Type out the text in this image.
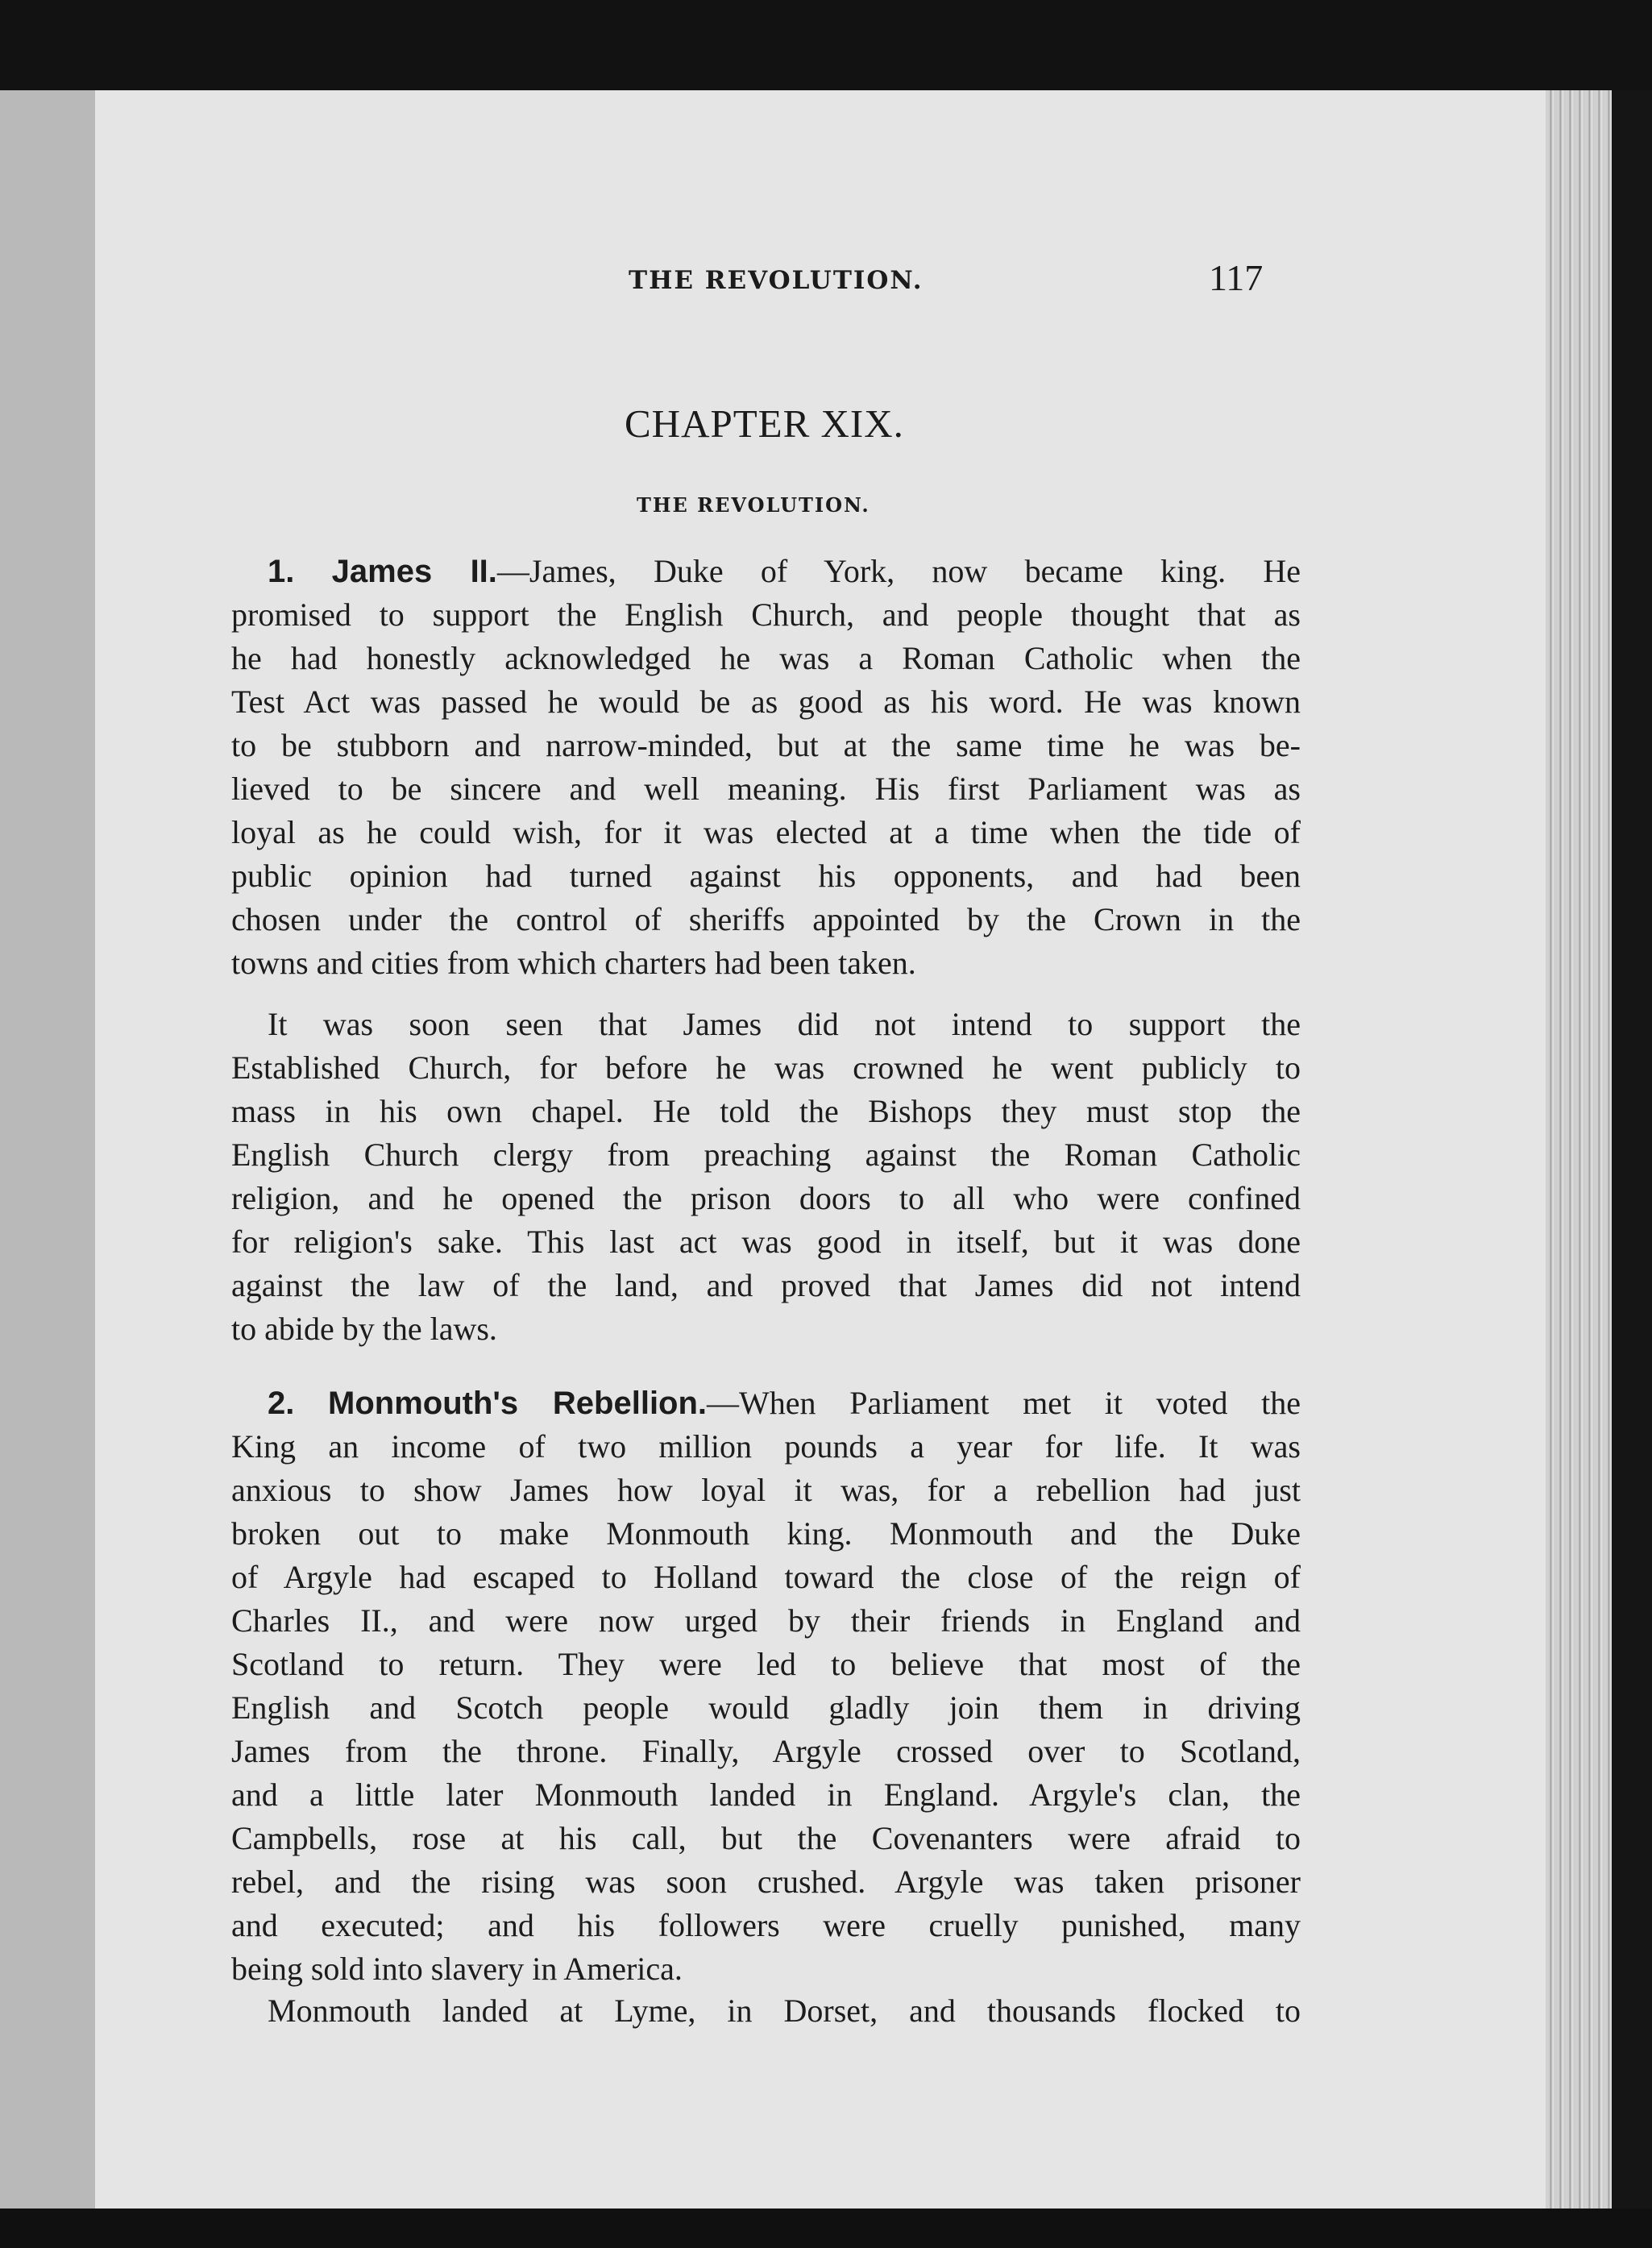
THE REVOLUTION.	117
CHAPTER XIX.
THE REVOLUTION.

1. James II.—James, Duke of York, now became king. He

promised to support the English Church, and people thought that as

he had honestly acknowledged he was a Roman Catholic when the

Test Act was passed he would be as good as his word. He was known

to be stubborn and narrow-minded, but at the same time he was be-

lieved to be sincere and well meaning. His first Parliament was as

loyal as he could wish, for it was elected at a time when the tide of

public opinion had turned against his opponents, and had been

chosen under the control of sheriffs appointed by the Crown in the

towns and cities from which charters had been taken.

It was soon seen that James did not intend to support the

Established Church, for before he was crowned he went publicly to

mass in his own chapel. He told the Bishops they must stop the

English Church clergy from preaching against the Roman Catholic

religion, and he opened the prison doors to all who were confined

for religion's sake. This last act was good in itself, but it was done

against the law of the land, and proved that James did not intend

to abide by the laws.

2. Monmouth's Rebellion.—When Parliament met it voted the

King an income of two million pounds a year for life. It was

anxious to show James how loyal it was, for a rebellion had just

broken out to make Monmouth king. Monmouth and the Duke

of Argyle had escaped to Holland toward the close of the reign of

Charles II., and were now urged by their friends in England and

Scotland to return. They were led to believe that most of the

English and Scotch people would gladly join them in driving

James from the throne. Finally, Argyle crossed over to Scotland,

and a little later Monmouth landed in England. Argyle's clan, the

Campbells, rose at his call, but the Covenanters were afraid to

rebel, and the rising was soon crushed. Argyle was taken prisoner

and executed; and his followers were cruelly punished, many

being sold into slavery in America.

Monmouth landed at Lyme, in Dorset, and thousands flocked to
